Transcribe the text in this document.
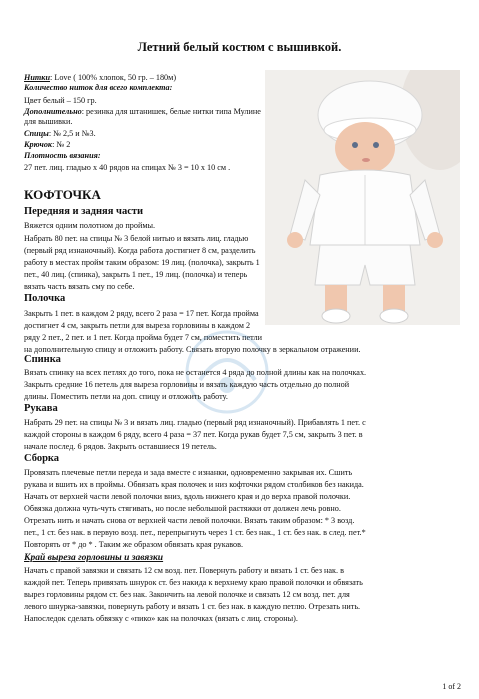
Летний белый костюм с вышивкой.
Нитки: Love ( 100% хлопок, 50 гр. – 180м)
Количество ниток для всего комплекта:
Цвет белый – 150 гр.
Дополнительно: резинка для штанишек, белые нитки типа Мулине
для вышивки.
Спицы: № 2,5 и №3.
Крючок: № 2
Плотность вязания:
27 пет. лиц. гладью х 40 рядов на спицах № 3 = 10 х 10 см .
КОФТОЧКА
Передняя и задняя части
Вяжется одним полотном до проймы.
Набрать 80 пет. на спицы № 3 белой нитью и вязать лиц. гладью
(первый ряд изнаночный). Когда работа достигнет 8 см, разделить
работу в местах пройм таким образом: 19 лиц. (полочка), закрыть 1
пет., 40 лиц. (спинка), закрыть 1 пет., 19 лиц. (полочка) и теперь
вязать часть вязать сму по себе.
Полочка
Закрыть 1 пет. в каждом 2 ряду, всего 2 раза = 17 пет. Когда пройма
достигнет 4 см, закрыть петли для выреза горловины в каждом 2
ряду 2 пет., 2 пет. и 1 пет. Когда пройма будет 7 см, поместить петли
на дополнительную спицу и отложить работу. Связать вторую полочку в зеркальном отражении.
Спинка
Вязать спинку на всех петлях до того, пока не останется 4 ряда до полной длины как на полочках.
Закрыть средние 16 петель для выреза горловины и вязать каждую часть отдельно до полной
длины. Поместить петли на доп. спицу и отложить работу.
Рукава
Набрать 29 пет. на спицы № 3 и вязать лиц. гладью (первый ряд изнаночный). Прибавлять 1 пет. с
каждой стороны в каждом 6 ряду, всего 4 раза = 37 пет. Когда рукав будет 7,5 см, закрыть 3 пет. в
начале послед. 6 рядов. Закрыть оставшиеся 19 петель.
Сборка
Провязать плечевые петли переда и зада вместе с изнанки, одновременно закрывая их. Сшить
рукава и вшить их в проймы. Обвязать края полочек и низ кофточки рядом столбиков без накида.
Начать от верхней части левой полочки вниз, вдоль нижнего края и до верха правой полочки.
Обвязка должна чуть-чуть стягивать, но после небольшой растяжки от должен лечь ровно.
Отрезать нить и начать снова от верхней части левой полочки. Вязать таким образом: * 3 возд.
пет., 1 ст. без нак. в первую возд. пет., перепрыгнуть через 1 ст. без нак., 1 ст. без нак. в след. пет.*
Повторять от * до * . Таким же образом обвязать края рукавов.
Край выреза горловины и завязки
Начать с правой завязки и связать 12 см возд. пет. Повернуть работу и вязать 1 ст. без нак. в
каждой пет. Теперь привязать шнурок ст. без накида к верхнему краю правой полочки и обвязать
вырез горловины рядом ст. без нак. Закончить на левой полочке и связать 12 см возд. пет. для
левого шнурка-завязки, повернуть работу и вязать 1 ст. без нак. в каждую петлю. Отрезать нить.
Напоследок сделать обвязку с «пико» как на полочках (вязать с лиц. стороны).
1 of 2
